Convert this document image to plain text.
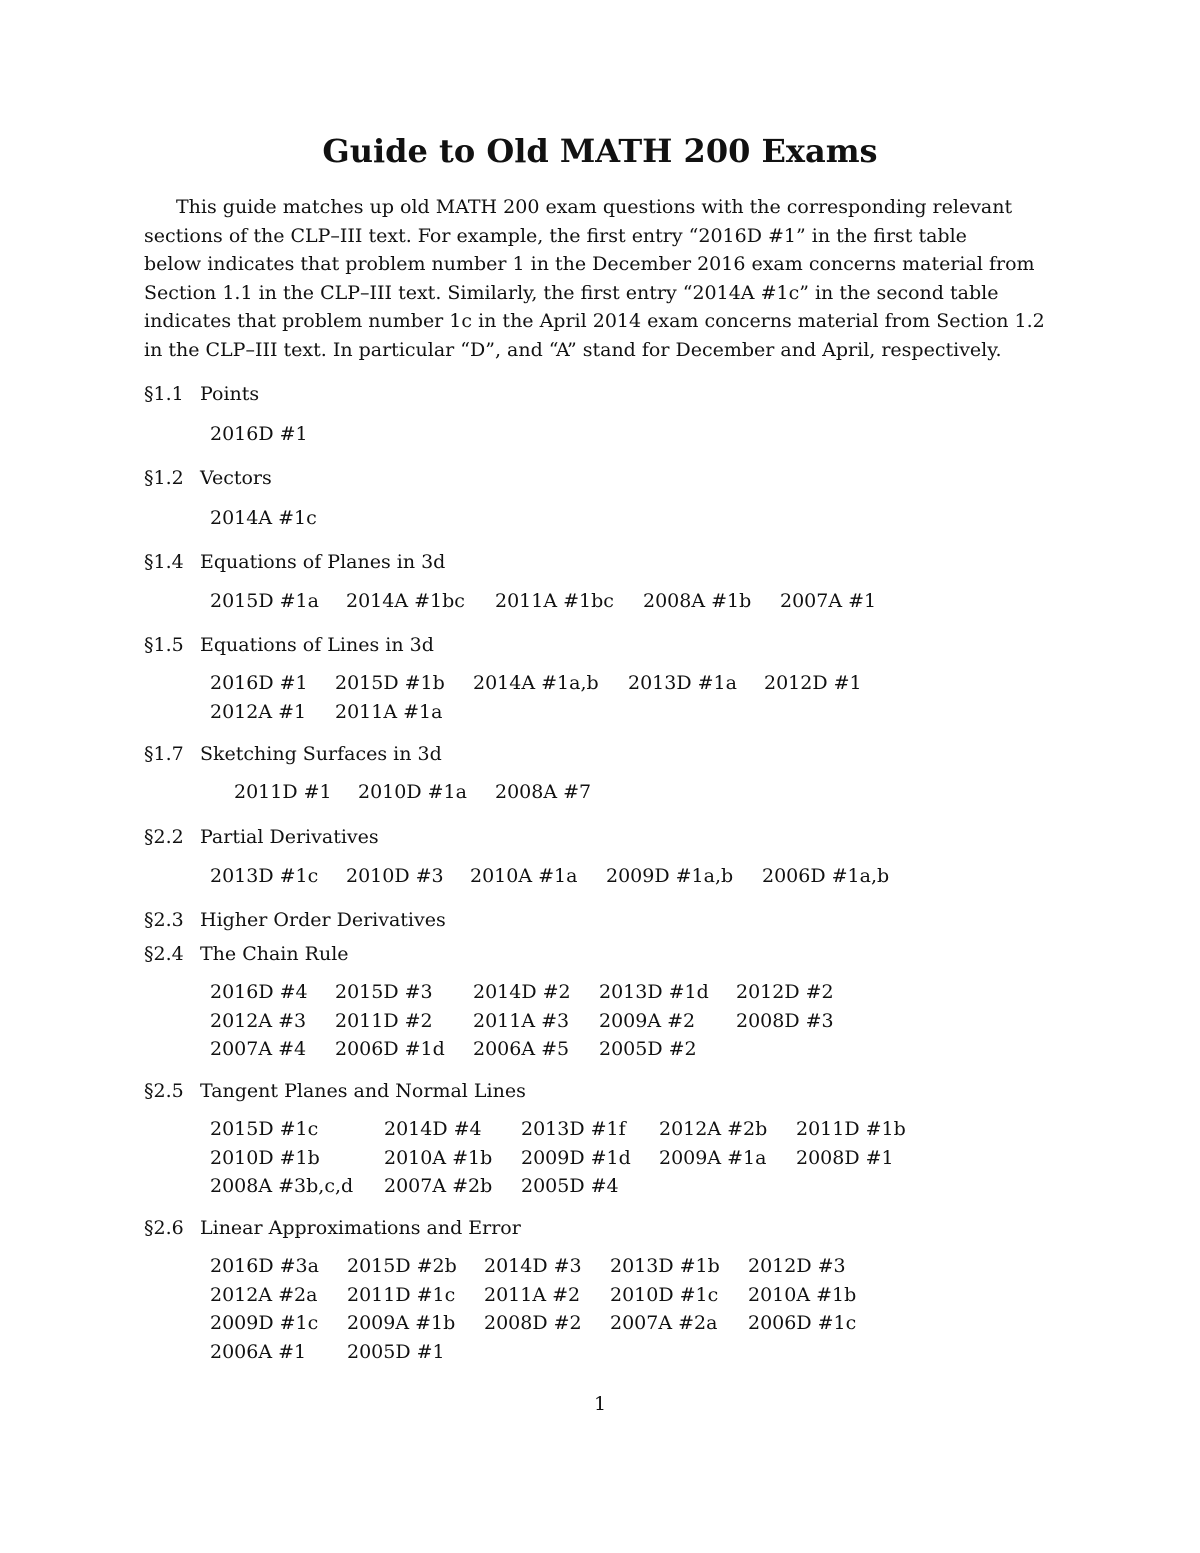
Guide to Old MATH 200 Exams
This guide matches up old MATH 200 exam questions with the corresponding relevant
sections of the CLP–III text. For example, the first entry “2016D #1” in the first table
below indicates that problem number 1 in the December 2016 exam concerns material from
Section 1.1 in the CLP–III text. Similarly, the first entry “2014A #1c” in the second table
indicates that problem number 1c in the April 2014 exam concerns material from Section 1.2
in the CLP–III text. In particular “D”, and “A” stand for December and April, respectively.
§1.1 Points
2016D #1
§1.2 Vectors
2014A #1c
§1.4 Equations of Planes in 3d
2015D #1a 2014A #1bc 2011A #1bc 2008A #1b 2007A #1
§1.5 Equations of Lines in 3d
2016D #1 2015D #1b 2014A #1a,b 2013D #1a 2012D #1
2012A #1 2011A #1a
§1.7 Sketching Surfaces in 3d
2011D #1 2010D #1a 2008A #7
§2.2 Partial Derivatives
2013D #1c 2010D #3 2010A #1a 2009D #1a,b 2006D #1a,b
§2.3 Higher Order Derivatives
§2.4 The Chain Rule
2016D #4 2015D #3 2014D #2 2013D #1d 2012D #2
2012A #3 2011D #2 2011A #3 2009A #2 2008D #3
2007A #4 2006D #1d 2006A #5 2005D #2
§2.5 Tangent Planes and Normal Lines
2015D #1c	2014D #4 2013D #1f 2012A #2b 2011D #1b
2010D #1b	2010A #1b 2009D #1d 2009A #1a 2008D #1
2008A #3b,c,d 2007A #2b 2005D #4
§2.6 Linear Approximations and Error
2016D #3a 2015D #2b 2014D #3 2013D #1b 2012D #3
2012A #2a 2011D #1c 2011A #2 2010D #1c 2010A #1b
2009D #1c 2009A #1b 2008D #2 2007A #2a 2006D #1c
2006A #1 2005D #1
1
